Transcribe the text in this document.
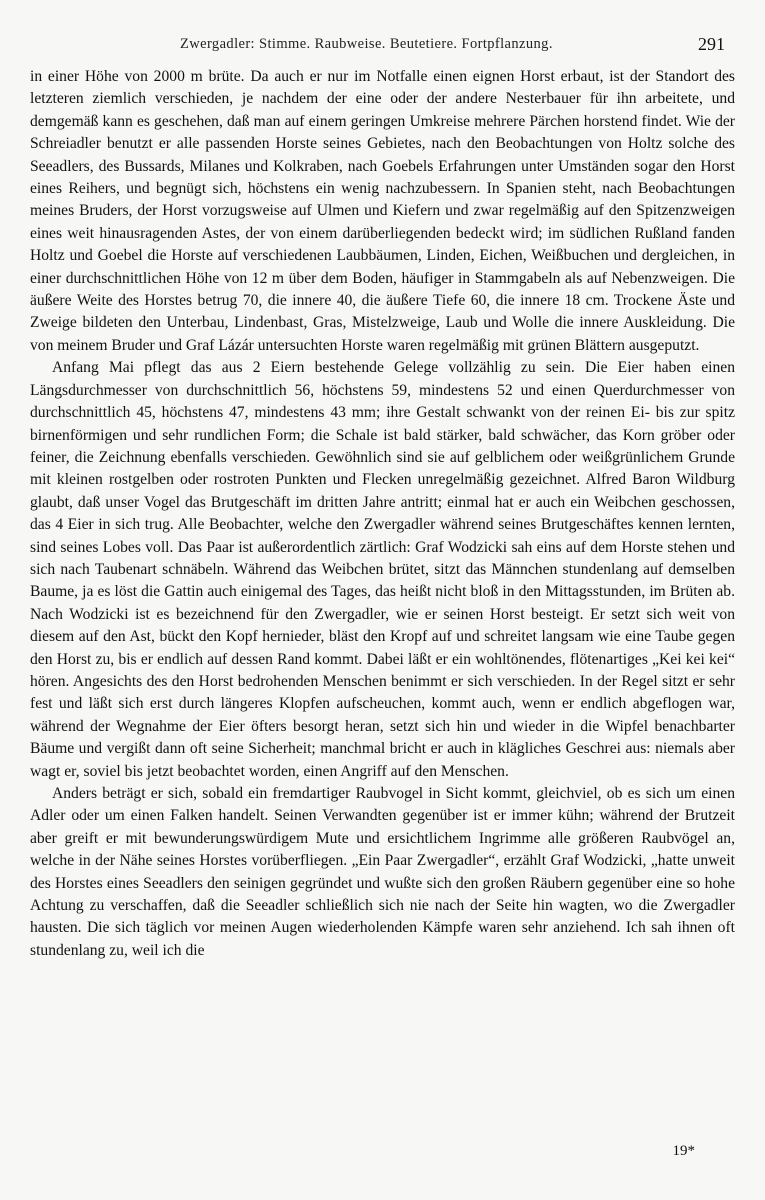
Zwergadler: Stimme. Raubweise. Beutetiere. Fortpflanzung.	291

in einer Höhe von 2000 m brüte. Da auch er nur im Notfalle einen eignen Horst erbaut, ist der Standort des letzteren ziemlich verschieden, je nachdem der eine oder der andere Nesterbauer für ihn arbeitete, und demgemäß kann es geschehen, daß man auf einem geringen Umkreise mehrere Pärchen horstend findet. Wie der Schreiadler benutzt er alle passenden Horste seines Gebietes, nach den Beobachtungen von Holtz solche des Seeadlers, des Bussards, Milanes und Kolkraben, nach Goebels Erfahrungen unter Umständen sogar den Horst eines Reihers, und begnügt sich, höchstens ein wenig nachzubessern. In Spanien steht, nach Beobachtungen meines Bruders, der Horst vorzugsweise auf Ulmen und Kiefern und zwar regelmäßig auf den Spitzenzweigen eines weit hinausragenden Astes, der von einem darüberliegenden bedeckt wird; im südlichen Rußland fanden Holtz und Goebel die Horste auf verschiedenen Laubbäumen, Linden, Eichen, Weißbuchen und dergleichen, in einer durchschnittlichen Höhe von 12 m über dem Boden, häufiger in Stammgabeln als auf Nebenzweigen. Die äußere Weite des Horstes betrug 70, die innere 40, die äußere Tiefe 60, die innere 18 cm. Trockene Äste und Zweige bildeten den Unterbau, Lindenbast, Gras, Mistelzweige, Laub und Wolle die innere Auskleidung. Die von meinem Bruder und Graf Lázár untersuchten Horste waren regelmäßig mit grünen Blättern ausgeputzt.

Anfang Mai pflegt das aus 2 Eiern bestehende Gelege vollzählig zu sein. Die Eier haben einen Längsdurchmesser von durchschnittlich 56, höchstens 59, mindestens 52 und einen Querdurchmesser von durchschnittlich 45, höchstens 47, mindestens 43 mm; ihre Gestalt schwankt von der reinen Ei- bis zur spitz birnenförmigen und sehr rundlichen Form; die Schale ist bald stärker, bald schwächer, das Korn gröber oder feiner, die Zeichnung ebenfalls verschieden. Gewöhnlich sind sie auf gelblichem oder weißgrünlichem Grunde mit kleinen rostgelben oder rostroten Punkten und Flecken unregelmäßig gezeichnet. Alfred Baron Wildburg glaubt, daß unser Vogel das Brutgeschäft im dritten Jahre antritt; einmal hat er auch ein Weibchen geschossen, das 4 Eier in sich trug. Alle Beobachter, welche den Zwergadler während seines Brutgeschäftes kennen lernten, sind seines Lobes voll. Das Paar ist außerordentlich zärtlich: Graf Wodzicki sah eins auf dem Horste stehen und sich nach Taubenart schnäbeln. Während das Weibchen brütet, sitzt das Männchen stundenlang auf demselben Baume, ja es löst die Gattin auch einigemal des Tages, das heißt nicht bloß in den Mittagsstunden, im Brüten ab. Nach Wodzicki ist es bezeichnend für den Zwergadler, wie er seinen Horst besteigt. Er setzt sich weit von diesem auf den Ast, bückt den Kopf hernieder, bläst den Kropf auf und schreitet langsam wie eine Taube gegen den Horst zu, bis er endlich auf dessen Rand kommt. Dabei läßt er ein wohltönendes, flötenartiges „Kei kei kei“ hören. Angesichts des den Horst bedrohenden Menschen benimmt er sich verschieden. In der Regel sitzt er sehr fest und läßt sich erst durch längeres Klopfen aufscheuchen, kommt auch, wenn er endlich abgeflogen war, während der Wegnahme der Eier öfters besorgt heran, setzt sich hin und wieder in die Wipfel benachbarter Bäume und vergißt dann oft seine Sicherheit; manchmal bricht er auch in klägliches Geschrei aus: niemals aber wagt er, soviel bis jetzt beobachtet worden, einen Angriff auf den Menschen.

Anders beträgt er sich, sobald ein fremdartiger Raubvogel in Sicht kommt, gleichviel, ob es sich um einen Adler oder um einen Falken handelt. Seinen Verwandten gegenüber ist er immer kühn; während der Brutzeit aber greift er mit bewunderungswürdigem Mute und ersichtlichem Ingrimme alle größeren Raubvögel an, welche in der Nähe seines Horstes vorüberfliegen. „Ein Paar Zwergadler“, erzählt Graf Wodzicki, „hatte unweit des Horstes eines Seeadlers den seinigen gegründet und wußte sich den großen Räubern gegenüber eine so hohe Achtung zu verschaffen, daß die Seeadler schließlich sich nie nach der Seite hin wagten, wo die Zwergadler hausten. Die sich täglich vor meinen Augen wiederholenden Kämpfe waren sehr anziehend. Ich sah ihnen oft stundenlang zu, weil ich die

19*
